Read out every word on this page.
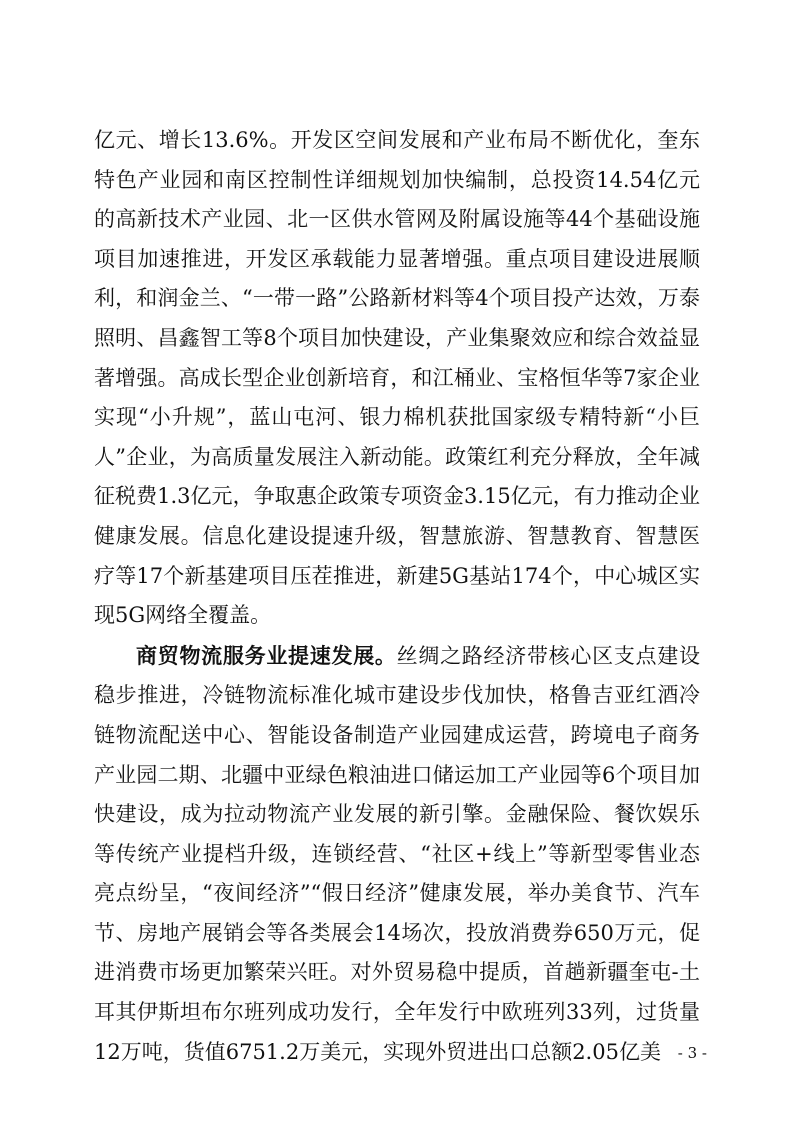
亿元、增长13.6%。开发区空间发展和产业布局不断优化，奎东特色产业园和南区控制性详细规划加快编制，总投资14.54亿元的高新技术产业园、北一区供水管网及附属设施等44个基础设施项目加速推进，开发区承载能力显著增强。重点项目建设进展顺利，和润金兰、“一带一路”公路新材料等4个项目投产达效，万泰照明、昌鑫智工等8个项目加快建设，产业集聚效应和综合效益显著增强。高成长型企业创新培育，和江桶业、宝格恒华等7家企业实现“小升规”，蓝山屯河、银力棉机获批国家级专精特新“小巨人”企业，为高质量发展注入新动能。政策红利充分释放，全年减征税费1.3亿元，争取惠企政策专项资金3.15亿元，有力推动企业健康发展。信息化建设提速升级，智慧旅游、智慧教育、智慧医疗等17个新基建项目压茬推进，新建5G基站174个，中心城区实现5G网络全覆盖。

商贸物流服务业提速发展。丝绸之路经济带核心区支点建设稳步推进，冷链物流标准化城市建设步伐加快，格鲁吉亚红酒冷链物流配送中心、智能设备制造产业园建成运营，跨境电子商务产业园二期、北疆中亚绿色粮油进口储运加工产业园等6个项目加快建设，成为拉动物流产业发展的新引擎。金融保险、餐饮娱乐等传统产业提档升级，连锁经营、“社区+线上”等新型零售业态亮点纷呈，“夜间经济”“假日经济”健康发展，举办美食节、汽车节、房地产展销会等各类展会14场次，投放消费券650万元，促进消费市场更加繁荣兴旺。对外贸易稳中提质，首趟新疆奎屯-土耳其伊斯坦布尔班列成功发行，全年发行中欧班列33列，过货量12万吨，货值6751.2万美元，实现外贸进出口总额2.05亿美	- 3 -
